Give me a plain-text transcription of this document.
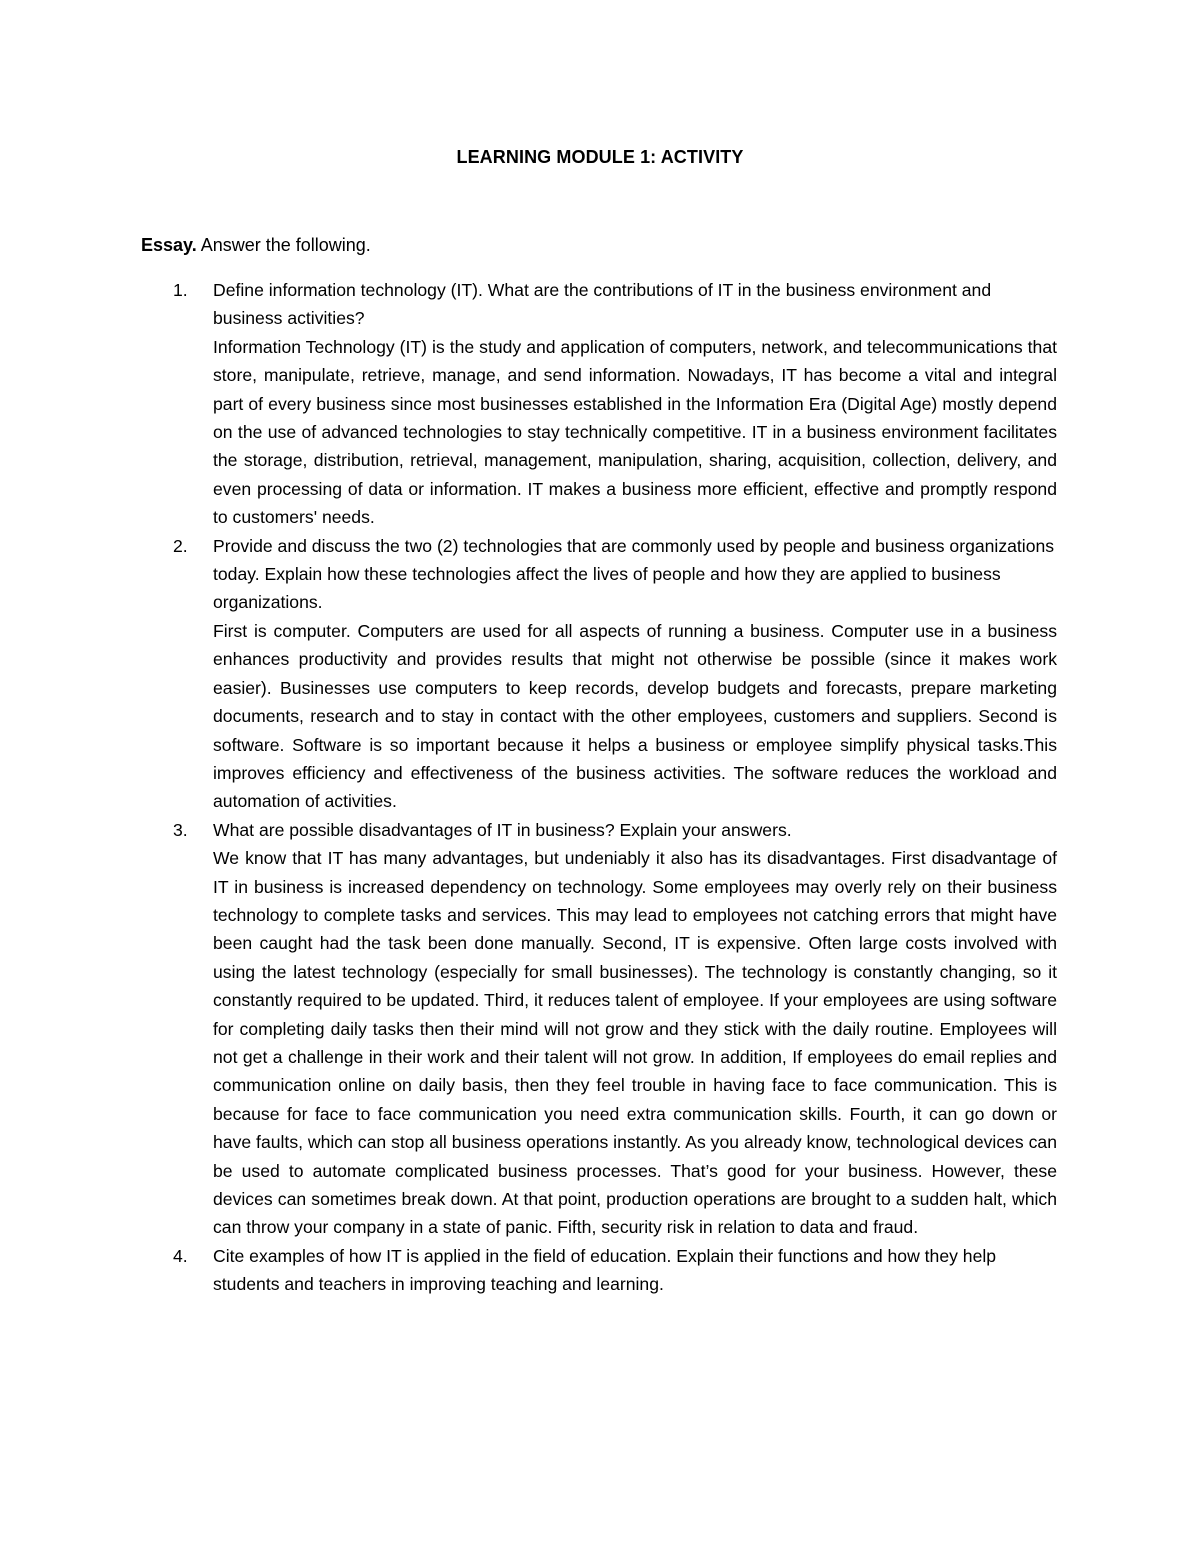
LEARNING MODULE 1: ACTIVITY
Essay. Answer the following.
1. Define information technology (IT). What are the contributions of IT in the business environment and business activities?
Information Technology (IT) is the study and application of computers, network, and telecommunications that store, manipulate, retrieve, manage, and send information. Nowadays, IT has become a vital and integral part of every business since most businesses established in the Information Era (Digital Age) mostly depend on the use of advanced technologies to stay technically competitive. IT in a business environment facilitates the storage, distribution, retrieval, management, manipulation, sharing, acquisition, collection, delivery, and even processing of data or information. IT makes a business more efficient, effective and promptly respond to customers' needs.
2. Provide and discuss the two (2) technologies that are commonly used by people and business organizations today. Explain how these technologies affect the lives of people and how they are applied to business organizations.
First is computer. Computers are used for all aspects of running a business. Computer use in a business enhances productivity and provides results that might not otherwise be possible (since it makes work easier). Businesses use computers to keep records, develop budgets and forecasts, prepare marketing documents, research and to stay in contact with the other employees, customers and suppliers. Second is software. Software is so important because it helps a business or employee simplify physical tasks.This improves efficiency and effectiveness of the business activities. The software reduces the workload and automation of activities.
3. What are possible disadvantages of IT in business? Explain your answers.
We know that IT has many advantages, but undeniably it also has its disadvantages. First disadvantage of IT in business is increased dependency on technology. Some employees may overly rely on their business technology to complete tasks and services. This may lead to employees not catching errors that might have been caught had the task been done manually. Second, IT is expensive. Often large costs involved with using the latest technology (especially for small businesses). The technology is constantly changing, so it constantly required to be updated. Third, it reduces talent of employee. If your employees are using software for completing daily tasks then their mind will not grow and they stick with the daily routine. Employees will not get a challenge in their work and their talent will not grow. In addition, If employees do email replies and communication online on daily basis, then they feel trouble in having face to face communication. This is because for face to face communication you need extra communication skills. Fourth, it can go down or have faults, which can stop all business operations instantly. As you already know, technological devices can be used to automate complicated business processes. That’s good for your business. However, these devices can sometimes break down. At that point, production operations are brought to a sudden halt, which can throw your company in a state of panic. Fifth, security risk in relation to data and fraud.
4. Cite examples of how IT is applied in the field of education. Explain their functions and how they help students and teachers in improving teaching and learning.
